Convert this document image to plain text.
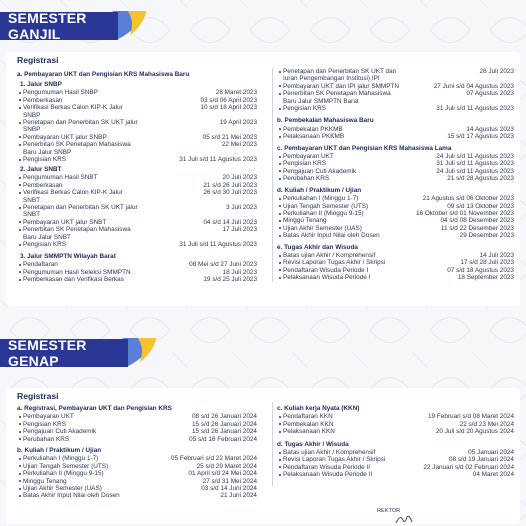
SEMESTER GANJIL
Registrasi
a. Pembayaran UKT dan Pengisian KRS Mahasiswa Baru
1. Jalur SNBP
Pengumuman Hasil SNBP	28 Maret 2023
Pemberkasan	03 s/d 06 April 2023
Verifikasi Berkas Calon KIP-K Jalur SNBP
10 s/d 18 April 2023
Penetapan dan Penerbitan SK UKT jalur SNBP
19 April 2023
Pembayaran UKT jalur SNBP	05 s/d 21 Mei 2023
Penerbitan SK Penetapan Mahasiswa Baru Jalur SNBP
22 Mei 2023
Pengisian KRS	31 Juli s/d 11 Agustus 2023
2. Jalur SNBT
Pengumuman Hasil SNBT	20 Juli 2023
Pemberkasan	21 s/d 26 Juli 2023
Verifikasi Berkas Calon KIP-K Jalur SNBT
26 s/d 30 Juli 2023
Penetapan dan Penerbitan SK UKT jalur SNBT
3 Juli 2023
Pembayaran UKT jalur SNBT	04 s/d 14 Juli 2023
Penerbitan SK Penetapan Mahasiswa Baru Jalur SNBT
17 Juli 2023
Pengisian KRS	31 Juli s/d 11 Agustus 2023
3. Jalur SMMPTN Wilayah Barat
Pendaftaran	08 Mei s/d 27 Juni 2023
Pengumuman Hasil Seleksi SMMPTN	18 Juli 2023
Pemberkasan dan Verifikasi Berkas	19 s/d 25 Juli 2023
Penetapan dan Penerbitan SK UKT dan Iuran Pengembangan Institusi) IPI
26 Juli 2023
Pembayaran UKT dan IPI jalur SMMPTN	27 Juni s/d 04 Agustus 2023
Penerbitan SK Penetapan Mahasiswa Baru Jalur SMMPTN Barat
07 Agustus 2023
Pengisian KRS	31 Juli s/d 11 Agustus 2023
b. Pembekalan Mahasiswa Baru
Pembekalan PKKMB	14 Agustus 2023
Pelaksanaan PKKMB	15 s/d 17 Agustus 2023
c. Pembayaran UKT dan Pengisian KRS Mahasiswa Lama
Pembayaran UKT	24 Juli s/d 11 Agustus 2023
Pengisian KRS	31 Juli s/d 11 Agustus 2023
Pengajuan Cuti Akademik	24 Juli s/d 11 Agustus 2023
Perubahan KRS	21 s/d 28 Agustus 2023
d. Kuliah / Praktikum / Ujian
Perkuliahan I (Minggu 1-7)	21 Agustus s/d 06 Oktober 2023
Ujian Tengah Semester (UTS)	09 s/d 13 Oktober 2023
Perkuliahan II (Minggu 9-15)	16 Oktober s/d 01 November 2023
Minggu Tenang	04 s/d 08 Desember 2023
Ujian Akhir Semester (UAS)	11 s/d 22 Desember 2023
Batas Akhir Input Nilai oleh Dosen	29 Desember 2023
e. Tugas Akhir dan Wisuda
Batas ujian Akhir / Komprehensif	14 Juli 2023
Revisi Laporan Tugas Akhir / Skripsi	17 s/d 28 Juli 2023
Pendaftaran Wisuda Periode I	07 s/d 18 Agustus 2023
Pelaksanaan Wisuda Periode I	18 September 2023
SEMESTER GENAP
Registrasi
a. Registrasi, Pembayaran UKT dan Pengisian KRS
Pembayaran UKT	08 s/d 26 Januari 2024
Pengisian KRS	15 s/d 26 Januari 2024
Pengajuan Cuti Akademik	15 s/d 26 Januari 2024
Perubahan KRS	05 s/d 16 Februari 2024
b. Kuliah / Praktikum / Ujian
Perkuliahan I (Minggu 1-7)	05 Februari s/d 22 Maret 2024
Ujian Tengah Semester (UTS)	25 s/d 29 Maret 2024
Perkuliahan II (Minggu 9-15)	01 April s/d 24 Mei 2024
Minggu Tenang	27 s/d 31 Mei 2024
Ujian Akhir Semester (UAS)	03 s/d 14 Juni 2024
Batas Akhir Input Nilai oleh Dosen	21 Juni 2024
c. Kuliah kerja Nyata (KKN)
Pendaftaran KKN	19 Februari s/d 08 Maret 2024
Pembekalan KKN	22 s/d 23 Mei 2024
Pelaksanaan KKN	20 Juli s/d 20 Agustus 2024
d. Tugas Akhir / Wisuda
Batas ujian Akhir / Komprehensif	05 Januari 2024
Revisi Laporan Tugas Akhir / Skripsi	08 s/d 19 Januari 2024
Pendaftaran Wisuda Periode II	22 Januari s/d 02 Februari 2024
Pelaksanaan Wisuda Periode II	04 Maret 2024
REKTOR
